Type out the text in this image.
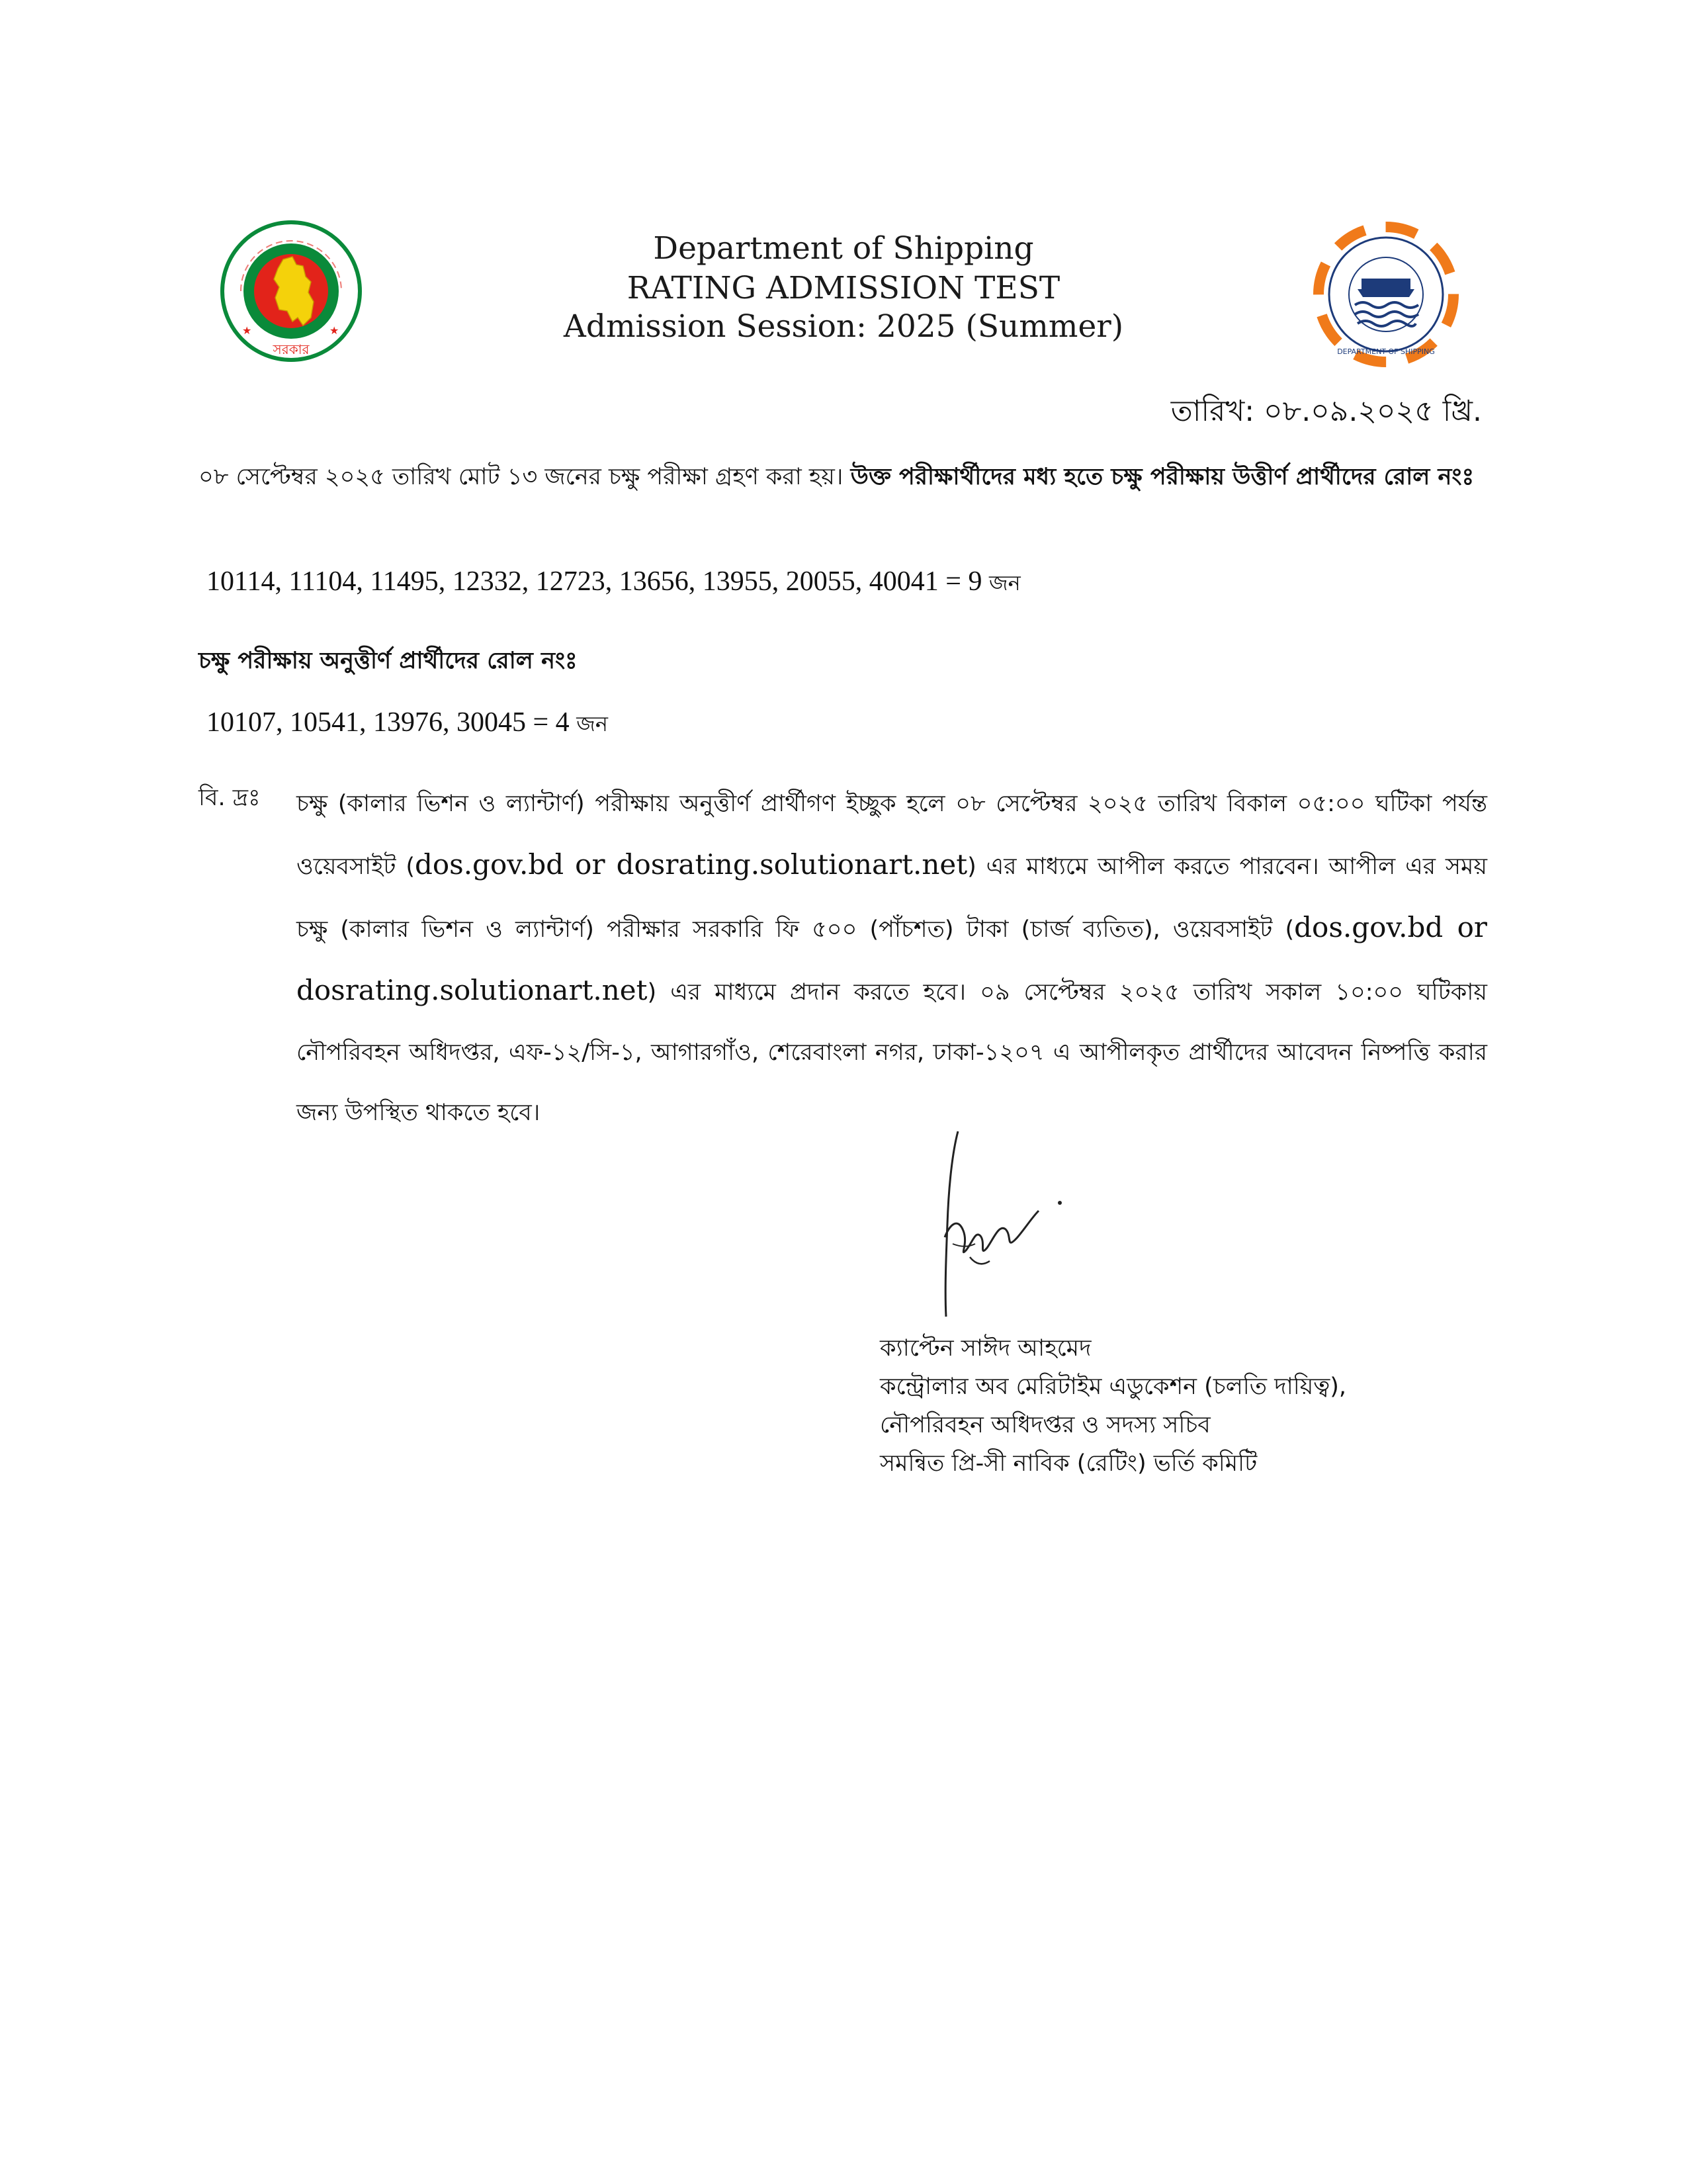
সরকার
★	★
DEPARTMENT OF SHIPPING
Department of Shipping
RATING ADMISSION TEST
Admission Session: 2025 (Summer)
তারিখ: ০৮.০৯.২০২৫ খ্রি.
০৮ সেপ্টেম্বর ২০২৫ তারিখ মোট ১৩ জনের চক্ষু পরীক্ষা গ্রহণ করা হয়। উক্ত পরীক্ষার্থীদের মধ্য হতে চক্ষু পরীক্ষায় উত্তীর্ণ প্রার্থীদের রোল নংঃ
10114, 11104, 11495, 12332, 12723, 13656, 13955, 20055, 40041 = 9 জন
চক্ষু পরীক্ষায় অনুত্তীর্ণ প্রার্থীদের রোল নংঃ
10107, 10541, 13976, 30045 = 4 জন
বি. দ্রঃ চক্ষু (কালার ভিশন ও ল্যান্টার্ণ) পরীক্ষায় অনুত্তীর্ণ প্রার্থীগণ ইচ্ছুক হলে ০৮ সেপ্টেম্বর ২০২৫ তারিখ বিকাল ০৫:০০ ঘটিকা পর্যন্ত ওয়েবসাইট (dos.gov.bd or dosrating.solutionart.net) এর মাধ্যমে আপীল করতে পারবেন। আপীল এর সময় চক্ষু (কালার ভিশন ও ল্যান্টার্ণ) পরীক্ষার সরকারি ফি ৫০০ (পাঁচশত) টাকা (চার্জ ব্যতিত), ওয়েবসাইট (dos.gov.bd or dosrating.solutionart.net) এর মাধ্যমে প্রদান করতে হবে। ০৯ সেপ্টেম্বর ২০২৫ তারিখ সকাল ১০:০০ ঘটিকায় নৌপরিবহন অধিদপ্তর, এফ-১২/সি-১, আগারগাঁও, শেরেবাংলা নগর, ঢাকা-১২০৭ এ আপীলকৃত প্রার্থীদের আবেদন নিষ্পত্তি করার জন্য উপস্থিত থাকতে হবে।
ক্যাপ্টেন সাঈদ আহমেদ
কন্ট্রোলার অব মেরিটাইম এডুকেশন (চলতি দায়িত্ব),
নৌপরিবহন অধিদপ্তর ও সদস্য সচিব
সমন্বিত প্রি-সী নাবিক (রেটিং) ভর্তি কমিটি
